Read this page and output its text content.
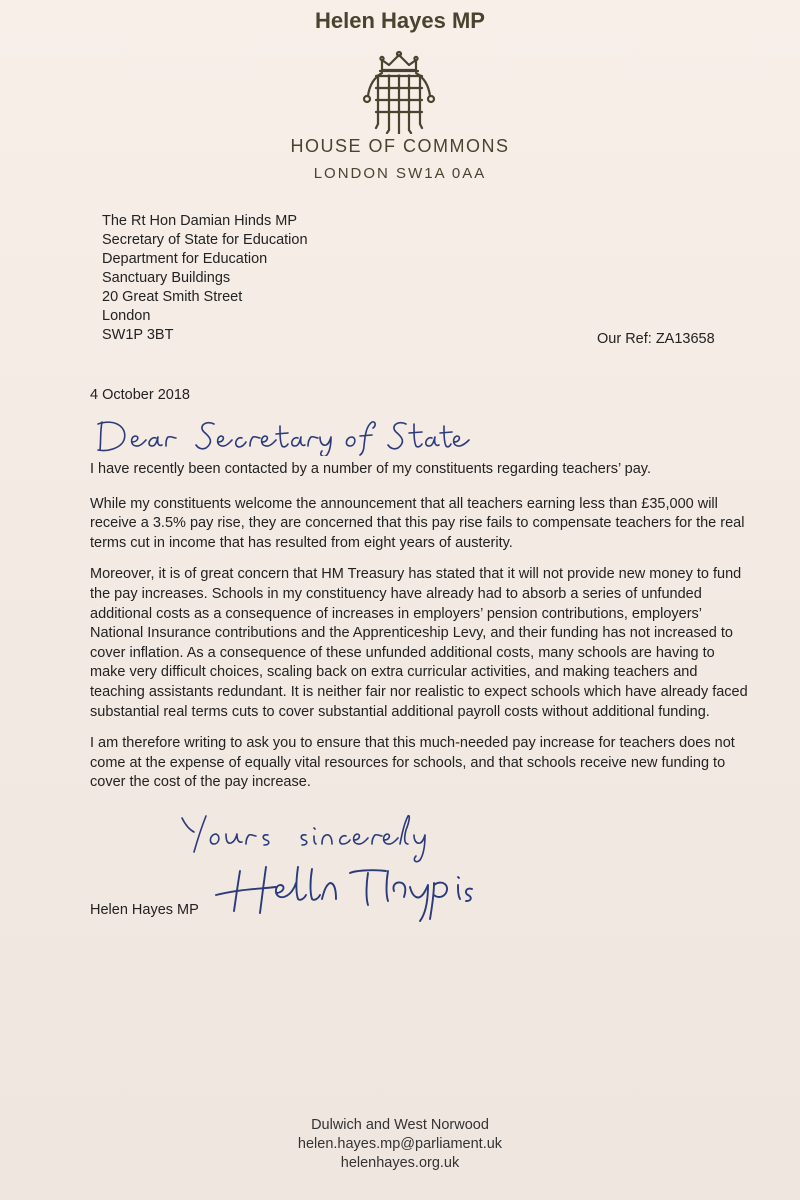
Helen Hayes MP
HOUSE OF COMMONS
LONDON SW1A 0AA
The Rt Hon Damian Hinds MP
Secretary of State for Education
Department for Education
Sanctuary Buildings
20 Great Smith Street
London
SW1P 3BT	Our Ref: ZA13658
4 October 2018

I have recently been contacted by a number of my constituents regarding teachers’ pay.

While my constituents welcome the announcement that all teachers earning less than £35,000 will receive a 3.5% pay rise, they are concerned that this pay rise fails to compensate teachers for the real terms cut in income that has resulted from eight years of austerity.

Moreover, it is of great concern that HM Treasury has stated that it will not provide new money to fund the pay increases. Schools in my constituency have already had to absorb a series of unfunded additional costs as a consequence of increases in employers’ pension contributions, employers’ National Insurance contributions and the Apprenticeship Levy, and their funding has not increased to cover inflation. As a consequence of these unfunded additional costs, many schools are having to make very difficult choices, scaling back on extra curricular activities, and making teachers and teaching assistants redundant. It is neither fair nor realistic to expect schools which have already faced substantial real terms cuts to cover substantial additional payroll costs without additional funding.

I am therefore writing to ask you to ensure that this much-needed pay increase for teachers does not come at the expense of equally vital resources for schools, and that schools receive new funding to cover the cost of the pay increase.

Helen Hayes MP
Dulwich and West Norwood
helen.hayes.mp@parliament.uk
helenhayes.org.uk
